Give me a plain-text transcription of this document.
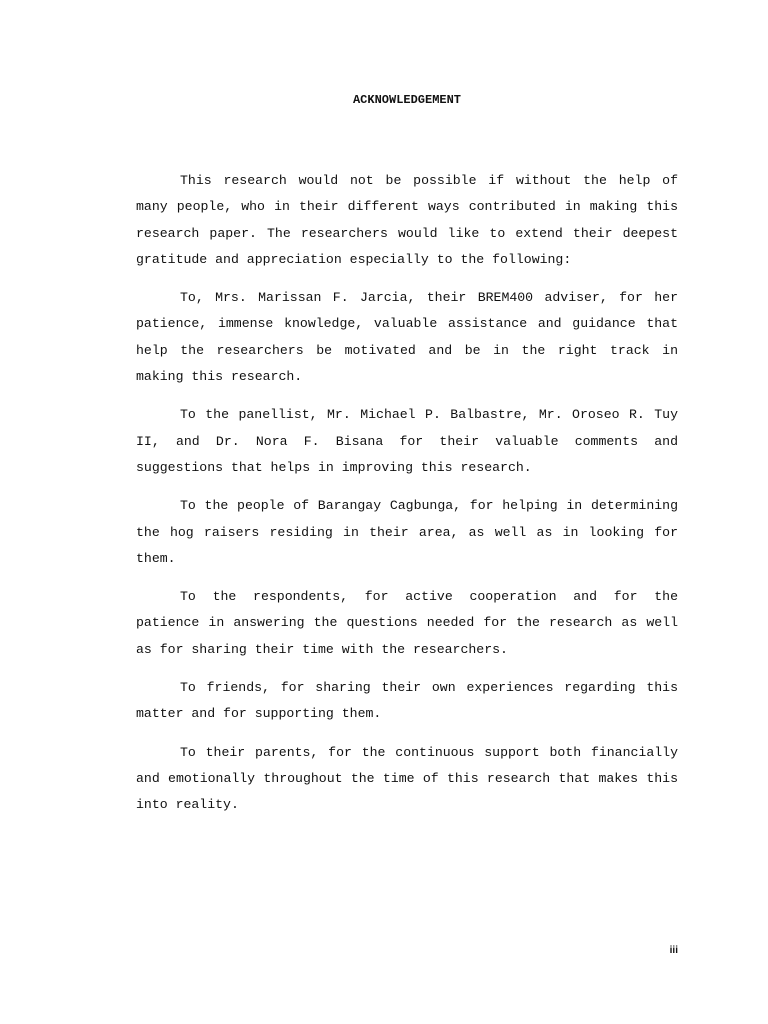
ACKNOWLEDGEMENT

This research would not be possible if without the help of many people, who in their different ways contributed in making this research paper. The researchers would like to extend their deepest gratitude and appreciation especially to the following:

To, Mrs. Marissan F. Jarcia, their BREM400 adviser, for her patience, immense knowledge, valuable assistance and guidance that help the researchers be motivated and be in the right track in making this research.

To the panellist, Mr. Michael P. Balbastre, Mr. Oroseo R. Tuy II, and Dr. Nora F. Bisana for their valuable comments and suggestions that helps in improving this research.

To the people of Barangay Cagbunga, for helping in determining the hog raisers residing in their area, as well as in looking for them.

To the respondents, for active cooperation and for the patience in answering the questions needed for the research as well as for sharing their time with the researchers.

To friends, for sharing their own experiences regarding this matter and for supporting them.

To their parents, for the continuous support both financially and emotionally throughout the time of this research that makes this into reality.

iii
